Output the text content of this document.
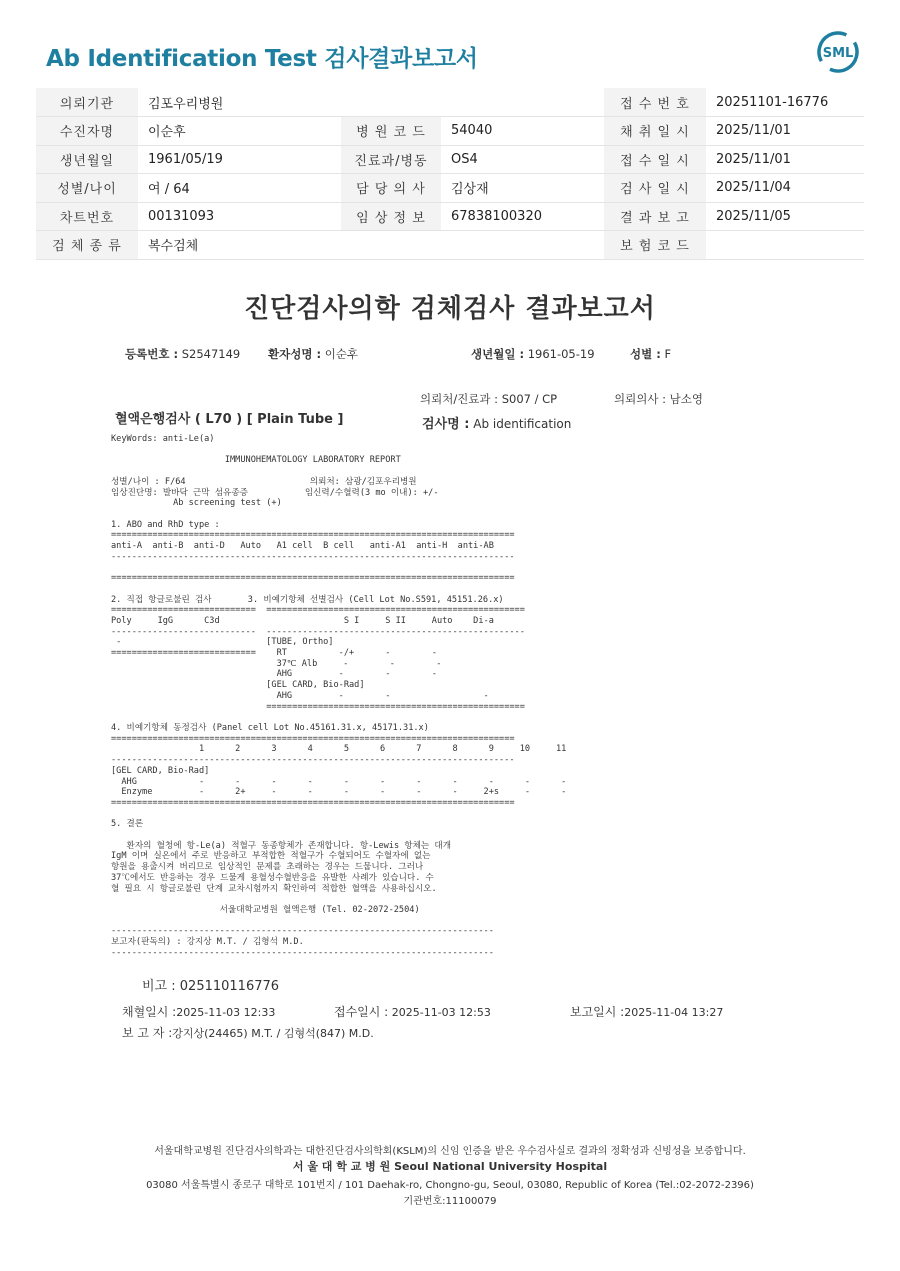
Ab Identification Test 검사결과보고서	SML
의뢰기관	김포우리병원			접 수 번 호	20251101-16776
수진자명	이순후	병 원 코 드	54040	채 취 일 시	2025/11/01
생년월일	1961/05/19	진료과/병동	OS4	접 수 일 시	2025/11/01
성별/나이	여 / 64	담 당 의 사	김상재	검 사 일 시	2025/11/04
차트번호	00131093	임 상 정 보	67838100320	결 과 보 고	2025/11/05
검 체 종 류	복수검체			보 험 코 드	
진단검사의학 검체검사 결과보고서
등록번호 : S2547149 환자성명 : 이순후	생년월일 : 1961-05-19	성별 : F
의뢰처/진료과 : S007 / CP	의뢰의사 : 남소영
혈액은행검사 ( L70 ) [ Plain Tube ]	검사명 : Ab identification
KeyWords: anti-Le(a)

IMMUNOHEMATOLOGY LABORATORY REPORT

성별/나이 : F/64                        의뢰처: 삼광/김포우리병원
임상진단명: 발바닥 근막 섬유종증           임신력/수혈력(3 mo 이내): +/-
Ab screening test (+)

1. ABO and RhD type :
==============================================================================
anti-A  anti-B  anti-D   Auto   A1 cell  B cell   anti-A1  anti-H  anti-AB
------------------------------------------------------------------------------

==============================================================================

2. 직접 항글로불린 검사       3. 비예기항체 선별검사 (Cell Lot No.S591, 45151.26.x)
============================  ==================================================
Poly     IgG      C3d                        S I     S II     Auto    Di-a
----------------------------  --------------------------------------------------
-                            [TUBE, Ortho]
============================    RT          -/+      -        -
37℃ Alb     -        -        -
AHG         -        -        -
[GEL CARD, Bio-Rad]
AHG         -        -                  -
==================================================

4. 비예기항체 동정검사 (Panel cell Lot No.45161.31.x, 45171.31.x)
==============================================================================
1      2      3      4      5      6      7      8      9     10     11
------------------------------------------------------------------------------
[GEL CARD, Bio-Rad]
AHG            -      -      -      -      -      -      -      -      -      -      -
Enzyme         -      2+     -      -      -      -      -      -     2+s     -      -
==============================================================================

5. 결론

환자의 혈청에 항-Le(a) 적혈구 동종항체가 존재합니다. 항-Lewis 항체는 대개
IgM 이며 실온에서 주로 반응하고 부적합한 적혈구가 수혈되어도 수혈자에 없는
항원을 용출시켜 버리므로 임상적인 문제를 초래하는 경우는 드뭅니다. 그러나
37℃에서도 반응하는 경우 드물게 용혈성수혈반응을 유발한 사례가 있습니다. 수
혈 필요 시 항글로불린 단계 교차시험까지 확인하여 적합한 혈액을 사용하십시오.

서울대학교병원 혈액은행 (Tel. 02-2072-2504)

--------------------------------------------------------------------------
보고자(판독의) : 강지상 M.T. / 김형석 M.D.
--------------------------------------------------------------------------
비고 : 025110116776
채혈일시 :2025-11-03 12:33	접수일시 : 2025-11-03 12:53	보고일시 :2025-11-04 13:27
보 고 자 :강지상(24465) M.T. / 김형석(847) M.D.
서울대학교병원 진단검사의학과는 대한진단검사의학회(KSLM)의 신임 인증을 받은 우수검사실로 결과의 정확성과 신빙성을 보증합니다.
서 울 대 학 교 병 원 Seoul National University Hospital
03080 서울특별시 종로구 대학로 101번지 / 101 Daehak-ro, Chongno-gu, Seoul, 03080, Republic of Korea (Tel.:02-2072-2396)
기관번호:11100079
